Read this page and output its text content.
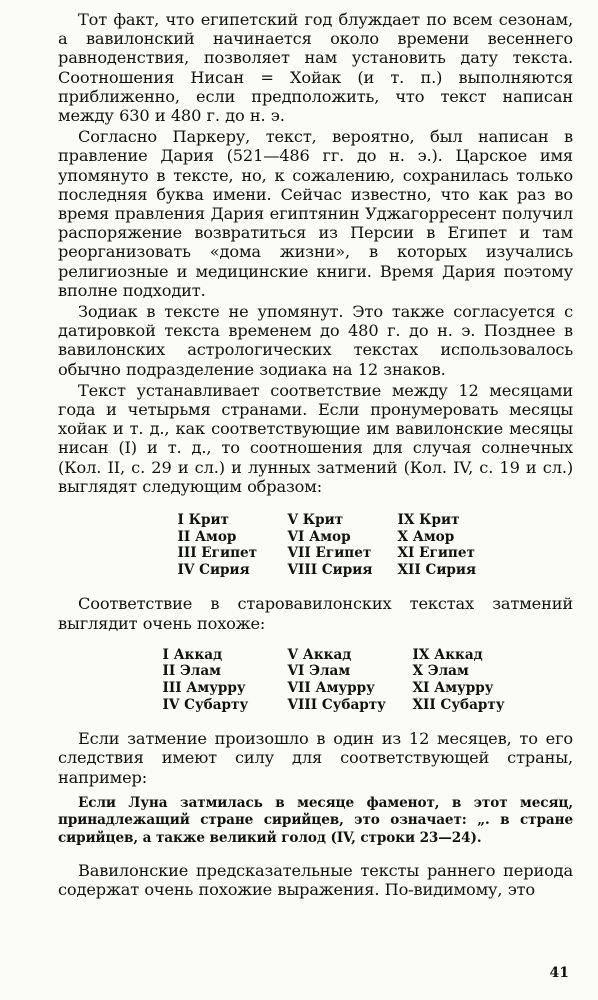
Тот факт, что египетский год блуждает по всем сезонам, а вавилонский начинается около времени весеннего равноденствия, позволяет нам установить дату текста. Соотношения Нисан = Хойак (и т. п.) выполняются приближенно, если предположить, что текст написан между 630 и 480 г. до н. э.

Согласно Паркеру, текст, вероятно, был написан в правление Дария (521—486 гг. до н. э.). Царское имя упомянуто в тексте, но, к сожалению, сохранилась только последняя буква имени. Сейчас известно, что как раз во время правления Дария египтянин Уджагорресент получил распоряжение возвратиться из Персии в Египет и там реорганизовать «дома жизни», в которых изучались религиозные и медицинские книги. Время Дария поэтому вполне подходит.

Зодиак в тексте не упомянут. Это также согласуется с датировкой текста временем до 480 г. до н. э. Позднее в вавилонских астрологических текстах использовалось обычно подразделение зодиака на 12 знаков.

Текст устанавливает соответствие между 12 месяцами года и четырьмя странами. Если пронумеровать месяцы хойак и т. д., как соответствующие им вавилонские месяцы нисан (I) и т. д., то соотношения для случая солнечных (Кол. II, с. 29 и сл.) и лунных затмений (Кол. IV, с. 19 и сл.) выглядят следующим образом:

I Крит	V Крит	IX Крит
II Амор	VI Амор	X Амор
III Египет	VII Египет	XI Египет
IV Сирия	VIII Сирия	XII Сирия

Соответствие в старовавилонских текстах затмений выглядит очень похоже:

I Аккад	V Аккад	IX Аккад
II Элам	VI Элам	X Элам
III Амурру	VII Амурру	XI Амурру
IV Субарту	VIII Субарту	XII Субарту

Если затмение произошло в один из 12 месяцев, то его следствия имеют силу для соответствующей страны, например:

Если Луна затмилась в месяце фаменот, в этот месяц, принадлежащий стране сирийцев, это означает: „. в стране сирийцев, а также великий голод (IV, строки 23—24).

Вавилонские предсказательные тексты раннего периода содержат очень похожие выражения. По-видимому, это

41
